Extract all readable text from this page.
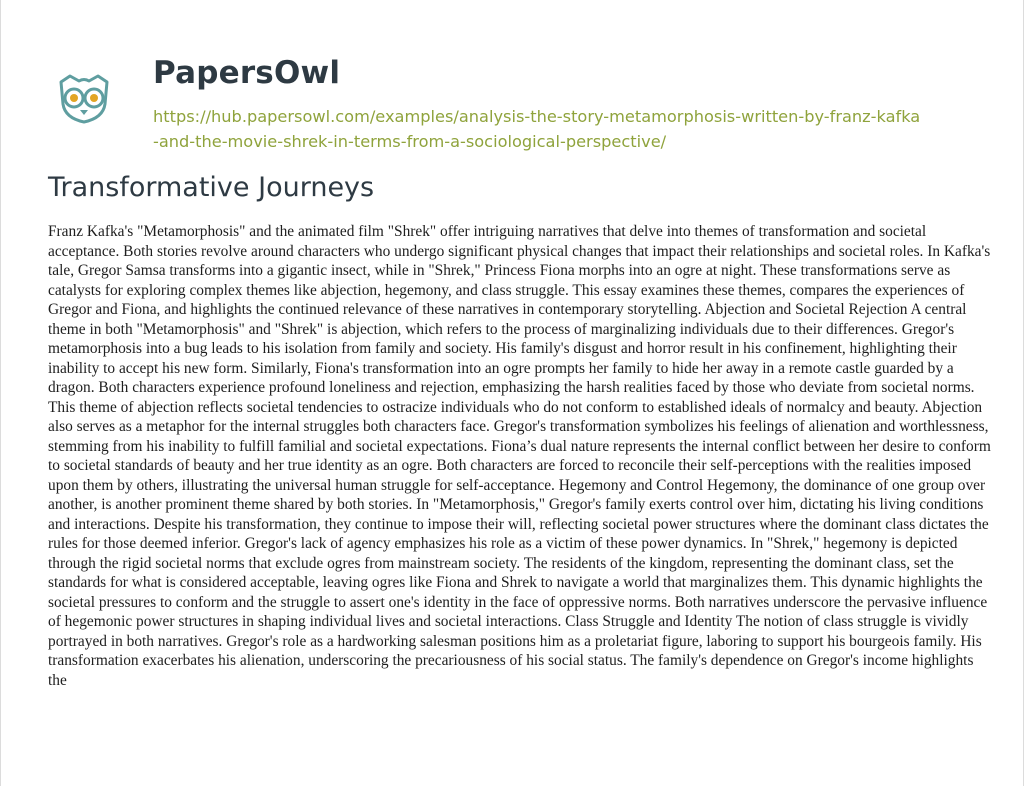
PapersOwl
https://hub.papersowl.com/examples/analysis-the-story-metamorphosis-written-by-franz-kafka-and-the-movie-shrek-in-terms-from-a-sociological-perspective/
Transformative Journeys

Franz Kafka's "Metamorphosis" and the animated film "Shrek" offer intriguing narratives that delve into themes of transformation and societal acceptance. Both stories revolve around characters who undergo significant physical changes that impact their relationships and societal roles. In Kafka's tale, Gregor Samsa transforms into a gigantic insect, while in "Shrek," Princess Fiona morphs into an ogre at night. These transformations serve as catalysts for exploring complex themes like abjection, hegemony, and class struggle. This essay examines these themes, compares the experiences of Gregor and Fiona, and highlights the continued relevance of these narratives in contemporary storytelling. Abjection and Societal Rejection A central theme in both "Metamorphosis" and "Shrek" is abjection, which refers to the process of marginalizing individuals due to their differences. Gregor's metamorphosis into a bug leads to his isolation from family and society. His family's disgust and horror result in his confinement, highlighting their inability to accept his new form. Similarly, Fiona's transformation into an ogre prompts her family to hide her away in a remote castle guarded by a dragon. Both characters experience profound loneliness and rejection, emphasizing the harsh realities faced by those who deviate from societal norms. This theme of abjection reflects societal tendencies to ostracize individuals who do not conform to established ideals of normalcy and beauty. Abjection also serves as a metaphor for the internal struggles both characters face. Gregor's transformation symbolizes his feelings of alienation and worthlessness, stemming from his inability to fulfill familial and societal expectations. Fiona’s dual nature represents the internal conflict between her desire to conform to societal standards of beauty and her true identity as an ogre. Both characters are forced to reconcile their self-perceptions with the realities imposed upon them by others, illustrating the universal human struggle for self-acceptance. Hegemony and Control Hegemony, the dominance of one group over another, is another prominent theme shared by both stories. In "Metamorphosis," Gregor's family exerts control over him, dictating his living conditions and interactions. Despite his transformation, they continue to impose their will, reflecting societal power structures where the dominant class dictates the rules for those deemed inferior. Gregor's lack of agency emphasizes his role as a victim of these power dynamics. In "Shrek," hegemony is depicted through the rigid societal norms that exclude ogres from mainstream society. The residents of the kingdom, representing the dominant class, set the standards for what is considered acceptable, leaving ogres like Fiona and Shrek to navigate a world that marginalizes them. This dynamic highlights the societal pressures to conform and the struggle to assert one's identity in the face of oppressive norms. Both narratives underscore the pervasive influence of hegemonic power structures in shaping individual lives and societal interactions. Class Struggle and Identity The notion of class struggle is vividly portrayed in both narratives. Gregor's role as a hardworking salesman positions him as a proletariat figure, laboring to support his bourgeois family. His transformation exacerbates his alienation, underscoring the precariousness of his social status. The family's dependence on Gregor's income highlights the
